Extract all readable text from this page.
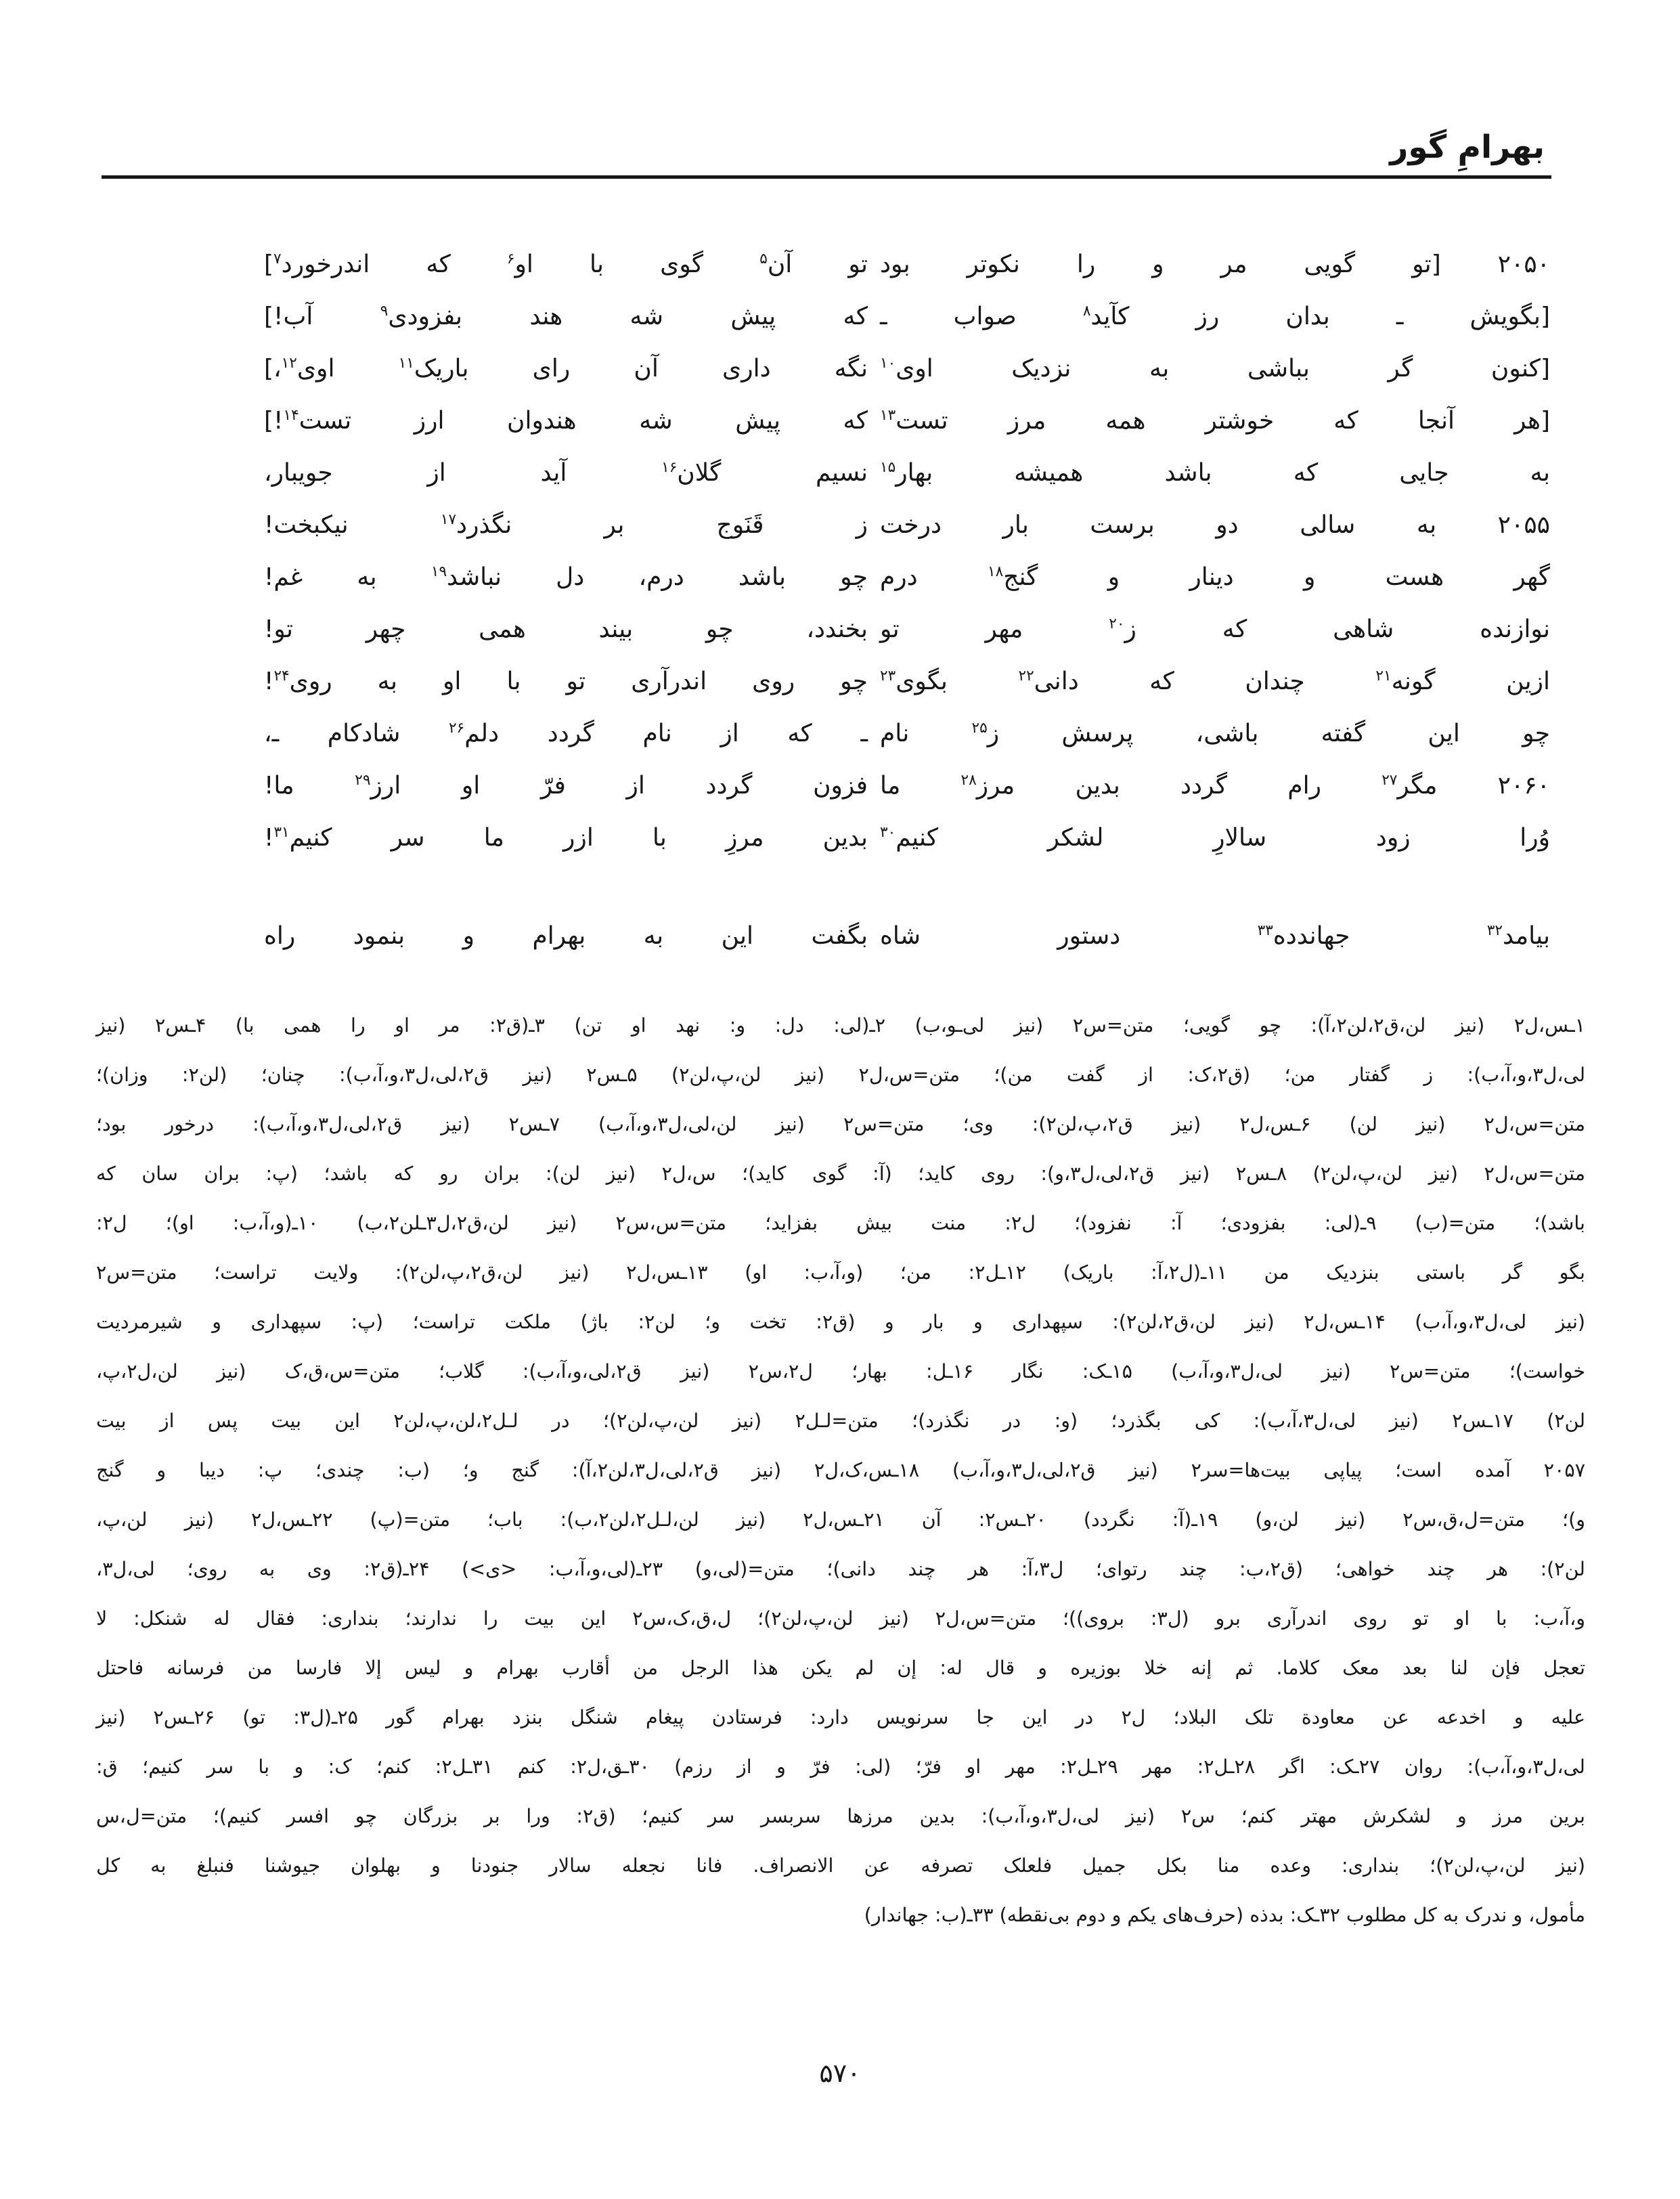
بهرامِ گور
۲۰۵۰ [تو گویی مر و را نکوتر بود
تو آن$^۵$ گوی با او$^۶$ که اندرخورد$^۷$]
[بگویش ـ بدان رز کآید$^۸$ صواب ـ
که پیش شه هند بفزودی$^۹$ آب!]
[کنون گر بباشی به نزدیک اوی$^{۱۰}$
نگه داری آن رای باریک$^{۱۱}$ اوی$^{۱۲}$،]
[هر آنجا که خوشتر همه مرز تست$^{۱۳}$
که پیش شه هندوان ارز تست$^{۱۴}$!]
به جایی که باشد همیشه بهار$^{۱۵}$
نسیم گلان$^{۱۶}$ آید از جویبار،
۲۰۵۵ به سالی دو برست بار درخت
ز قَنَوج بر نگذرد$^{۱۷}$ نیکبخت!
گهر هست و دینار و گنج$^{۱۸}$ درم
چو باشد درم، دل نباشد$^{۱۹}$ به غم!
نوازنده شاهی که ز$^{۲۰}$ مهر تو
بخندد، چو بیند همی چهر تو!
ازین گونه$^{۲۱}$ چندان که دانی$^{۲۲}$ بگوی$^{۲۳}$
چو روی اندرآری تو با او به روی$^{۲۴}$!
چو این گفته باشی، پرسش ز$^{۲۵}$ نام
ـ که از نام گردد دلم$^{۲۶}$ شادکام ـ،
۲۰۶۰ مگر$^{۲۷}$ رام گردد بدین مرز$^{۲۸}$ ما
فزون گردد از فرّ او ارز$^{۲۹}$ ما!
وُرا زود سالارِ لشکر کنیم$^{۳۰}$
بدین مرزِ با ازر ما سر کنیم$^{۳۱}$!
بیامد$^{۳۲}$ جهاندده$^{۳۳}$ دستور شاه
بگفت این به بهرام و بنمود راه
۱ـس،ل۲ (نیز لن،ق۲،لن۲،آ): چو گویی؛ متن=س۲ (نیز لی‌ـو،ب) ۲ـ(لی: دل: و: نهد او تن) ۳ـ(ق۲: مر او را همی با) ۴ـس۲ (نیز
لی،ل۳،و،آ،ب): ز گفتار من؛ (ق۲،ک: از گفت من)؛ متن=س،ل۲ (نیز لن،پ،لن۲) ۵ـس۲ (نیز ق۲،لی،ل۳،و،آ،ب): چنان؛ (لن۲: وزان)؛
متن=س،ل۲ (نیز لن) ۶ـس،ل۲ (نیز ق۲،پ،لن۲): وی؛ متن=س۲ (نیز لن،لی،ل۳،و،آ،ب) ۷ـس۲ (نیز ق۲،لی،ل۳،و،آ،ب): درخور بود؛
متن=س،ل۲ (نیز لن،پ،لن۲) ۸ـس۲ (نیز ق۲،لی،ل۳،و): روی کاید؛ (آ: گوی کاید)؛ س،ل۲ (نیز لن): بران رو که باشد؛ (پ: بران سان که
باشد)؛ متن=(ب) ۹ـ(لی: بفزودی؛ آ: نفزود)؛ ل۲: منت بیش بفزاید؛ متن=س،س۲ (نیز لن،ق۲،ل۳ـلن۲،ب) ۱۰ـ(و،آ،ب: او)؛ ل۲:
بگو گر باستی بنزدیک من ۱۱ـ(ل۲،آ: باریک) ۱۲ـل۲: من؛ (و،آ،ب: او) ۱۳ـس،ل۲ (نیز لن،ق۲،پ،لن۲): ولایت تراست؛ متن=س۲
(نیز لی،ل۳،و،آ،ب) ۱۴ـس،ل۲ (نیز لن،ق۲،لن۲): سپهداری و بار و (ق۲: تخت و؛ لن۲: باژ) ملکت تراست؛ (پ: سپهداری و شیرمردیت
خواست)؛ متن=س۲ (نیز لی،ل۳،و،آ،ب) ۱۵ـک: نگار ۱۶ـل: بهار؛ ل۲،س۲ (نیز ق۲،لی،و،آ،ب): گلاب؛ متن=س،ق،ک (نیز لن،ل۲،پ،
لن۲) ۱۷ـس۲ (نیز لی،ل۳،آ،ب): کی بگذرد؛ (و: در نگذرد)؛ متن=لـل۲ (نیز لن،پ،لن۲)؛ در لـل۲،لن،پ،لن۲ این بیت پس از بیت
۲۰۵۷ آمده است؛ پیاپی بیت‌ها=سر۲ (نیز ق۲،لی،ل۳،و،آ،ب) ۱۸ـس،ک،ل۲ (نیز ق۲،لی،ل۳،لن۲،آ): گنج و؛ (ب: چندی؛ پ: دیبا و گنج
و)؛ متن=ل،ق،س۲ (نیز لن،و) ۱۹ـ(آ: نگردد) ۲۰ـس۲: آن ۲۱ـس،ل۲ (نیز لن،لـل۲،لن۲،ب): باب؛ متن=(پ) ۲۲ـس،ل۲ (نیز لن،پ،
لن۲): هر چند خواهی؛ (ق۲،ب: چند رتوای؛ ل۳،آ: هر چند دانی)؛ متن=(لی،و) ۲۳ـ(لی،و،آ،ب: <ی>) ۲۴ـ(ق۲: وی به روی؛ لی،ل۳،
و،آ،ب: با او تو روی اندرآری برو (ل۳: بروی))؛ متن=س،ل۲ (نیز لن،پ،لن۲)؛ ل،ق،ک،س۲ این بیت را ندارند؛ بنداری: فقال له شنکل: لا
تعجل فإن لنا بعد معک کلاما. ثم إنه خلا بوزیره و قال له: إن لم یکن هذا الرجل من أقارب بهرام و لیس إلا فارسا من فرسانه فاحتل
علیه و اخدعه عن معاودة تلک البلاد؛ ل۲ در این جا سرنویس دارد: فرستادن پیغام شنگل بنزد بهرام گور ۲۵ـ(ل۳: تو) ۲۶ـس۲ (نیز
لی،ل۳،و،آ،ب): روان ۲۷ـک: اگر ۲۸ـل۲: مهر ۲۹ـل۲: مهر او فرّ؛ (لی: فرّ و از رزم) ۳۰ـق،ل۲: کنم ۳۱ـل۲: کنم؛ ک: و با سر کنیم؛ ق:
برین مرز و لشکرش مهتر کنم؛ س۲ (نیز لی،ل۳،و،آ،ب): بدین مرزها سربسر سر کنیم؛ (ق۲: ورا بر بزرگان چو افسر کنیم)؛ متن=ل،س
(نیز لن،پ،لن۲)؛ بنداری: وعده منا بکل جمیل فلعلک تصرفه عن الانصراف. فانا نجعله سالار جنودنا و بهلوان جیوشنا فنبلغ به کل
مأمول، و ندرک به کل مطلوب ۳۲ـک: بدذه (حرف‌های یکم و دوم بی‌نقطه) ۳۳ـ(ب: جهاندار)
۵۷۰
